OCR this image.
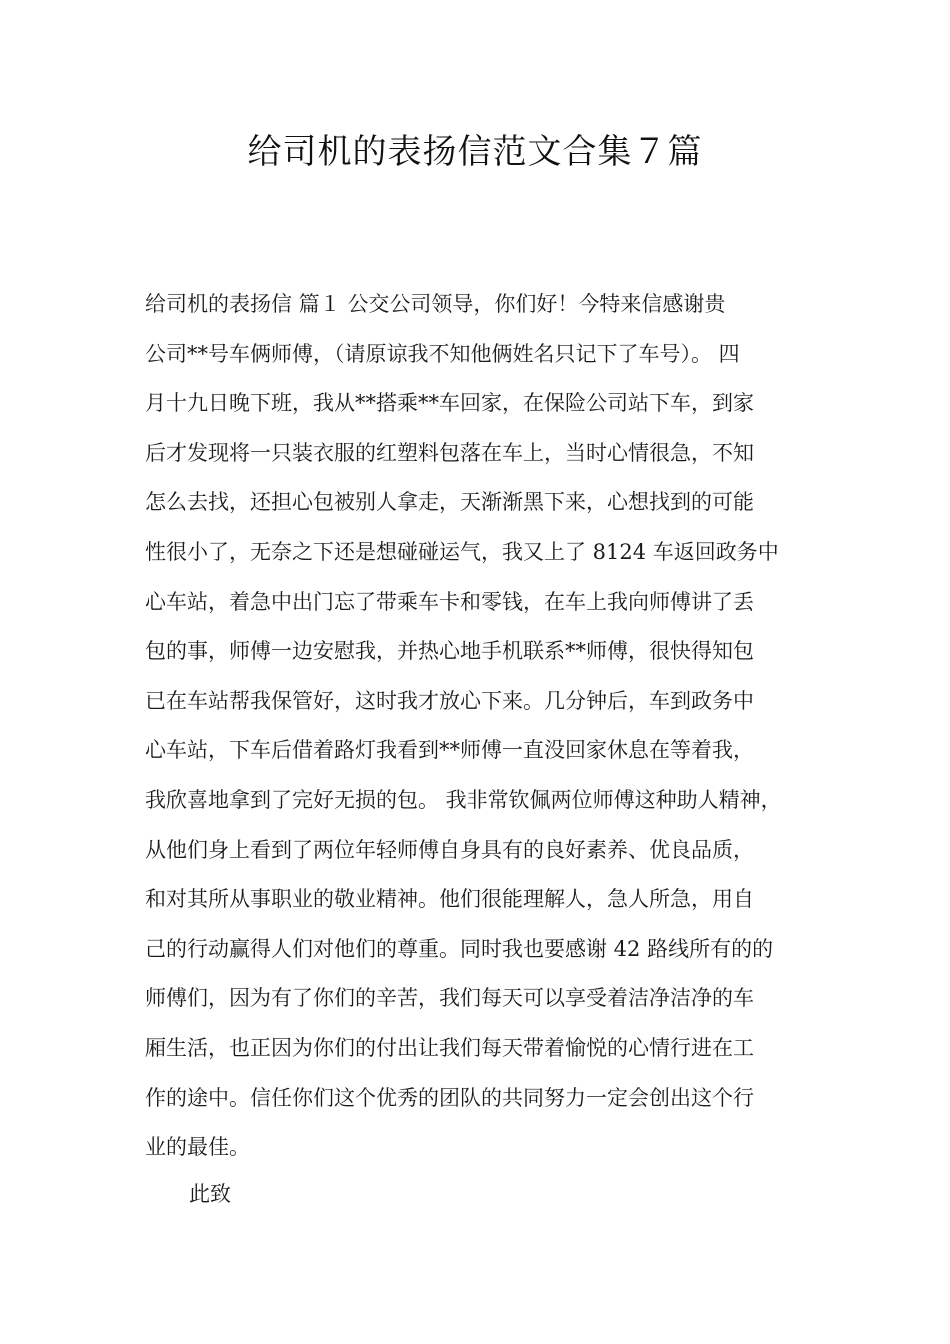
给司机的表扬信范文合集７篇
给司机的表扬信 篇１ 公交公司领导，你们好！今特来信感谢贵
公司**号车俩师傅，（请原谅我不知他俩姓名只记下了车号）。 四
月十九日晚下班，我从**搭乘**车回家，在保险公司站下车，到家
后才发现将一只装衣服的红塑料包落在车上，当时心情很急，不知
怎么去找，还担心包被别人拿走，天渐渐黑下来，心想找到的可能
性很小了，无奈之下还是想碰碰运气，我又上了 8124 车返回政务中
心车站，着急中出门忘了带乘车卡和零钱，在车上我向师傅讲了丢
包的事，师傅一边安慰我，并热心地手机联系**师傅，很快得知包
已在车站帮我保管好，这时我才放心下来。几分钟后，车到政务中
心车站，下车后借着路灯我看到**师傅一直没回家休息在等着我，
我欣喜地拿到了完好无损的包。 我非常钦佩两位师傅这种助人精神，
从他们身上看到了两位年轻师傅自身具有的良好素养、优良品质，
和对其所从事职业的敬业精神。他们很能理解人，急人所急，用自
己的行动赢得人们对他们的尊重。同时我也要感谢 42 路线所有的的
师傅们，因为有了你们的辛苦，我们每天可以享受着洁净洁净的车
厢生活，也正因为你们的付出让我们每天带着愉悦的心情行进在工
作的途中。信任你们这个优秀的团队的共同努力一定会创出这个行
业的最佳。
此致
